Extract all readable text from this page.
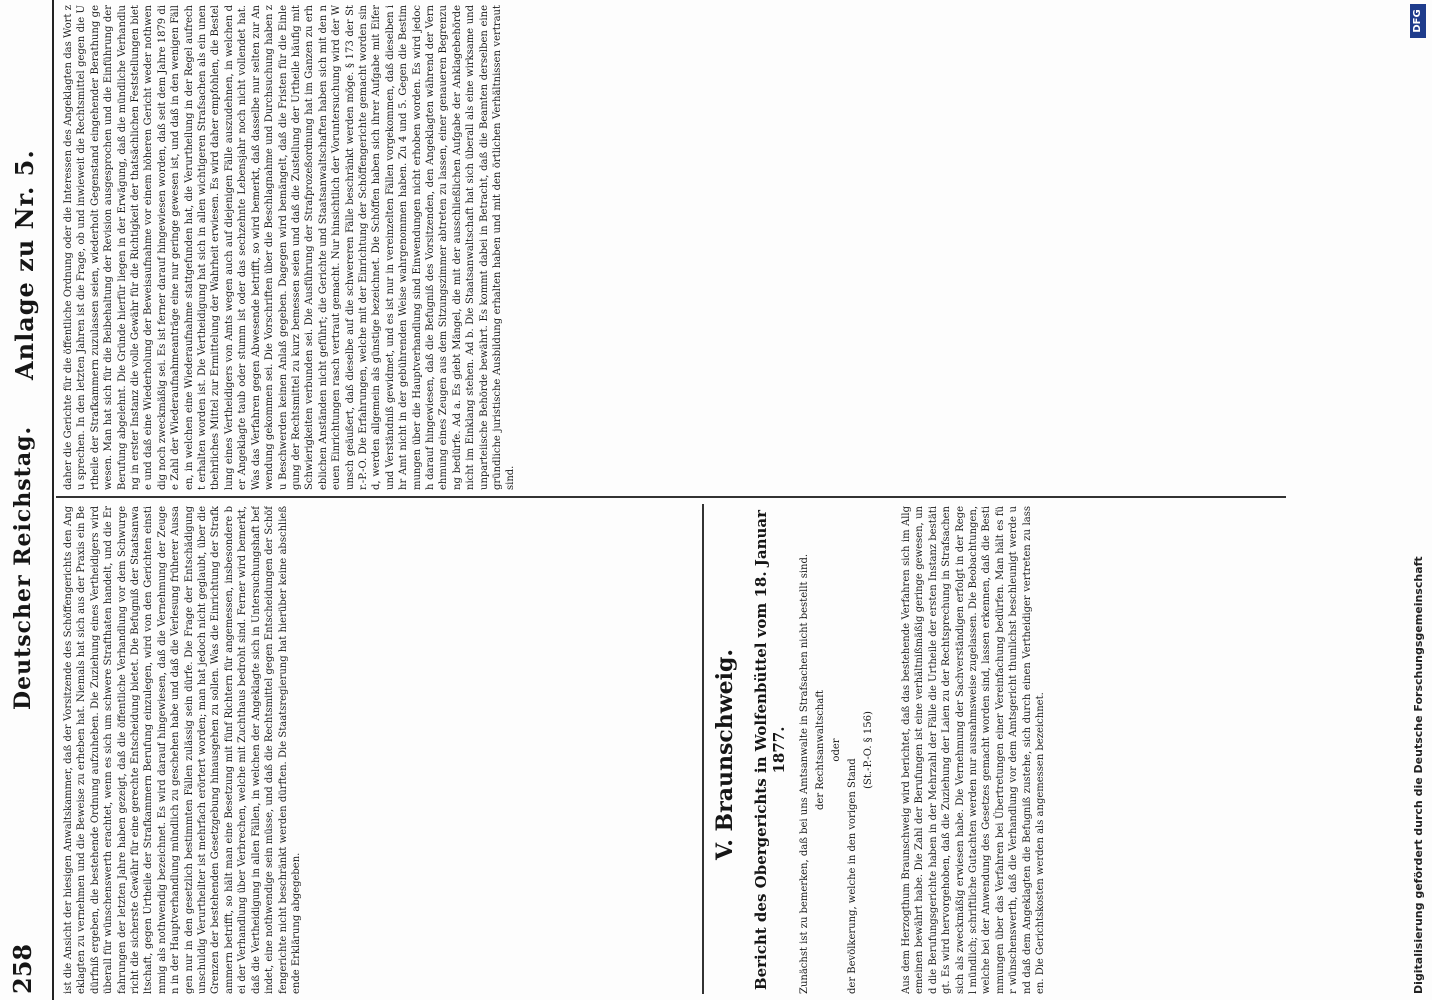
258
Deutscher Reichstag.
Anlage zu Nr. 5.
ist die Ansicht der hiesigen Anwaltskammer, daß der Vorsitzende des Schöffengerichts den Angeklagten zu vernehmen und die Beweise zu erheben hat. Niemals hat sich aus der Praxis ein Bedürfniß ergeben, die bestehende Ordnung aufzuheben. Die Zuziehung eines Vertheidigers wird überall für wünschenswerth erachtet, wenn es sich um schwere Strafthaten handelt, und die Erfahrungen der letzten Jahre haben gezeigt, daß die öffentliche Verhandlung vor dem Schwurgericht die sicherste Gewähr für eine gerechte Entscheidung bietet. Die Befugniß der Staatsanwaltschaft, gegen Urtheile der Strafkammern Berufung einzulegen, wird von den Gerichten einstimmig als nothwendig bezeichnet. Es wird darauf hingewiesen, daß die Vernehmung der Zeugen in der Hauptverhandlung mündlich zu geschehen habe und daß die Verlesung früherer Aussagen nur in den gesetzlich bestimmten Fällen zulässig sein dürfe. Die Frage der Entschädigung unschuldig Verurtheilter ist mehrfach erörtert worden; man hat jedoch nicht geglaubt, über die Grenzen der bestehenden Gesetzgebung hinausgehen zu sollen. Was die Einrichtung der Strafkammern betrifft, so hält man eine Besetzung mit fünf Richtern für angemessen, insbesondere bei der Verhandlung über Verbrechen, welche mit Zuchthaus bedroht sind. Ferner wird bemerkt, daß die Vertheidigung in allen Fällen, in welchen der Angeklagte sich in Untersuchungshaft befindet, eine nothwendige sein müsse, und daß die Rechtsmittel gegen Entscheidungen der Schöffengerichte nicht beschränkt werden dürften. Die Staatsregierung hat hierüber keine abschließende Erklärung abgegeben.
V. Braunschweig. Bericht des Obergerichts in Wolfenbüttel vom 18. Januar 1877. Zunächst ist zu bemerken, daß bei uns Amtsanwalte in Strafsachen nicht bestellt sind. der Rechtsanwaltschaft oder
der Bevölkerung, welche in den vorigen Stand
(St.-P.-O. § 156)	Aus dem Herzogthum Braunschweig wird berichtet, daß das bestehende Verfahren sich im Allgemeinen bewährt habe. Die Zahl der Berufungen ist eine verhältnißmäßig geringe gewesen, und die Berufungsgerichte haben in der Mehrzahl der Fälle die Urtheile der ersten Instanz bestätigt. Es wird hervorgehoben, daß die Zuziehung der Laien zu der Rechtsprechung in Strafsachen sich als zweckmäßig erwiesen habe. Die Vernehmung der Sachverständigen erfolgt in der Regel mündlich; schriftliche Gutachten werden nur ausnahmsweise zugelassen. Die Beobachtungen, welche bei der Anwendung des Gesetzes gemacht worden sind, lassen erkennen, daß die Bestimmungen über das Verfahren bei Übertretungen einer Vereinfachung bedürfen. Man hält es für wünschenswerth, daß die Verhandlung vor dem Amtsgericht thunlichst beschleunigt werde und daß dem Angeklagten die Befugniß zustehe, sich durch einen Vertheidiger vertreten zu lassen. Die Gerichtskosten werden als angemessen bezeichnet.
daher die Gerichte für die öffentliche Ordnung oder die Interessen des Angeklagten das Wort zu sprechen. In den letzten Jahren ist die Frage, ob und inwieweit die Rechtsmittel gegen die Urtheile der Strafkammern zuzulassen seien, wiederholt Gegenstand eingehender Berathung gewesen. Man hat sich für die Beibehaltung der Revision ausgesprochen und die Einführung der Berufung abgelehnt. Die Gründe hierfür liegen in der Erwägung, daß die mündliche Verhandlung in erster Instanz die volle Gewähr für die Richtigkeit der thatsächlichen Feststellungen biete und daß eine Wiederholung der Beweisaufnahme vor einem höheren Gericht weder nothwendig noch zweckmäßig sei. Es ist ferner darauf hingewiesen worden, daß seit dem Jahre 1879 die Zahl der Wiederaufnahmeanträge eine nur geringe gewesen ist, und daß in den wenigen Fällen, in welchen eine Wiederaufnahme stattgefunden hat, die Verurtheilung in der Regel aufrecht erhalten worden ist. Die Vertheidigung hat sich in allen wichtigeren Strafsachen als ein unentbehrliches Mittel zur Ermittelung der Wahrheit erwiesen. Es wird daher empfohlen, die Bestellung eines Vertheidigers von Amts wegen auch auf diejenigen Fälle auszudehnen, in welchen der Angeklagte taub oder stumm ist oder das sechzehnte Lebensjahr noch nicht vollendet hat. Was das Verfahren gegen Abwesende betrifft, so wird bemerkt, daß dasselbe nur selten zur Anwendung gekommen sei. Die Vorschriften über die Beschlagnahme und Durchsuchung haben zu Beschwerden keinen Anlaß gegeben. Dagegen wird bemängelt, daß die Fristen für die Einlegung der Rechtsmittel zu kurz bemessen seien und daß die Zustellung der Urtheile häufig mit Schwierigkeiten verbunden sei. Die Ausführung der Strafprozeßordnung hat im Ganzen zu erheblichen Anständen nicht geführt; die Gerichte und Staatsanwaltschaften haben sich mit den neuen Einrichtungen rasch vertraut gemacht. Nur hinsichtlich der Voruntersuchung wird der Wunsch geäußert, daß dieselbe auf die schwereren Fälle beschränkt werden möge. § 173 der Str.-P.-O. Die Erfahrungen, welche mit der Einrichtung der Schöffengerichte gemacht worden sind, werden allgemein als günstige bezeichnet. Die Schöffen haben sich ihrer Aufgabe mit Eifer und Verständniß gewidmet, und es ist nur in vereinzelten Fällen vorgekommen, daß dieselben ihr Amt nicht in der gebührenden Weise wahrgenommen haben. Zu 4 und 5. Gegen die Bestimmungen über die Hauptverhandlung sind Einwendungen nicht erhoben worden. Es wird jedoch darauf hingewiesen, daß die Befugniß des Vorsitzenden, den Angeklagten während der Vernehmung eines Zeugen aus dem Sitzungszimmer abtreten zu lassen, einer genaueren Begrenzung bedürfe. Ad a. Es giebt Mängel, die mit der ausschließlichen Aufgabe der Anklagebehörde nicht im Einklang stehen. Ad b. Die Staatsanwaltschaft hat sich überall als eine wirksame und unparteiische Behörde bewährt. Es kommt dabei in Betracht, daß die Beamten derselben eine gründliche juristische Ausbildung erhalten haben und mit den örtlichen Verhältnissen vertraut sind.
Digitalisierung gefördert durch die Deutsche Forschungsgemeinschaft
DFG
